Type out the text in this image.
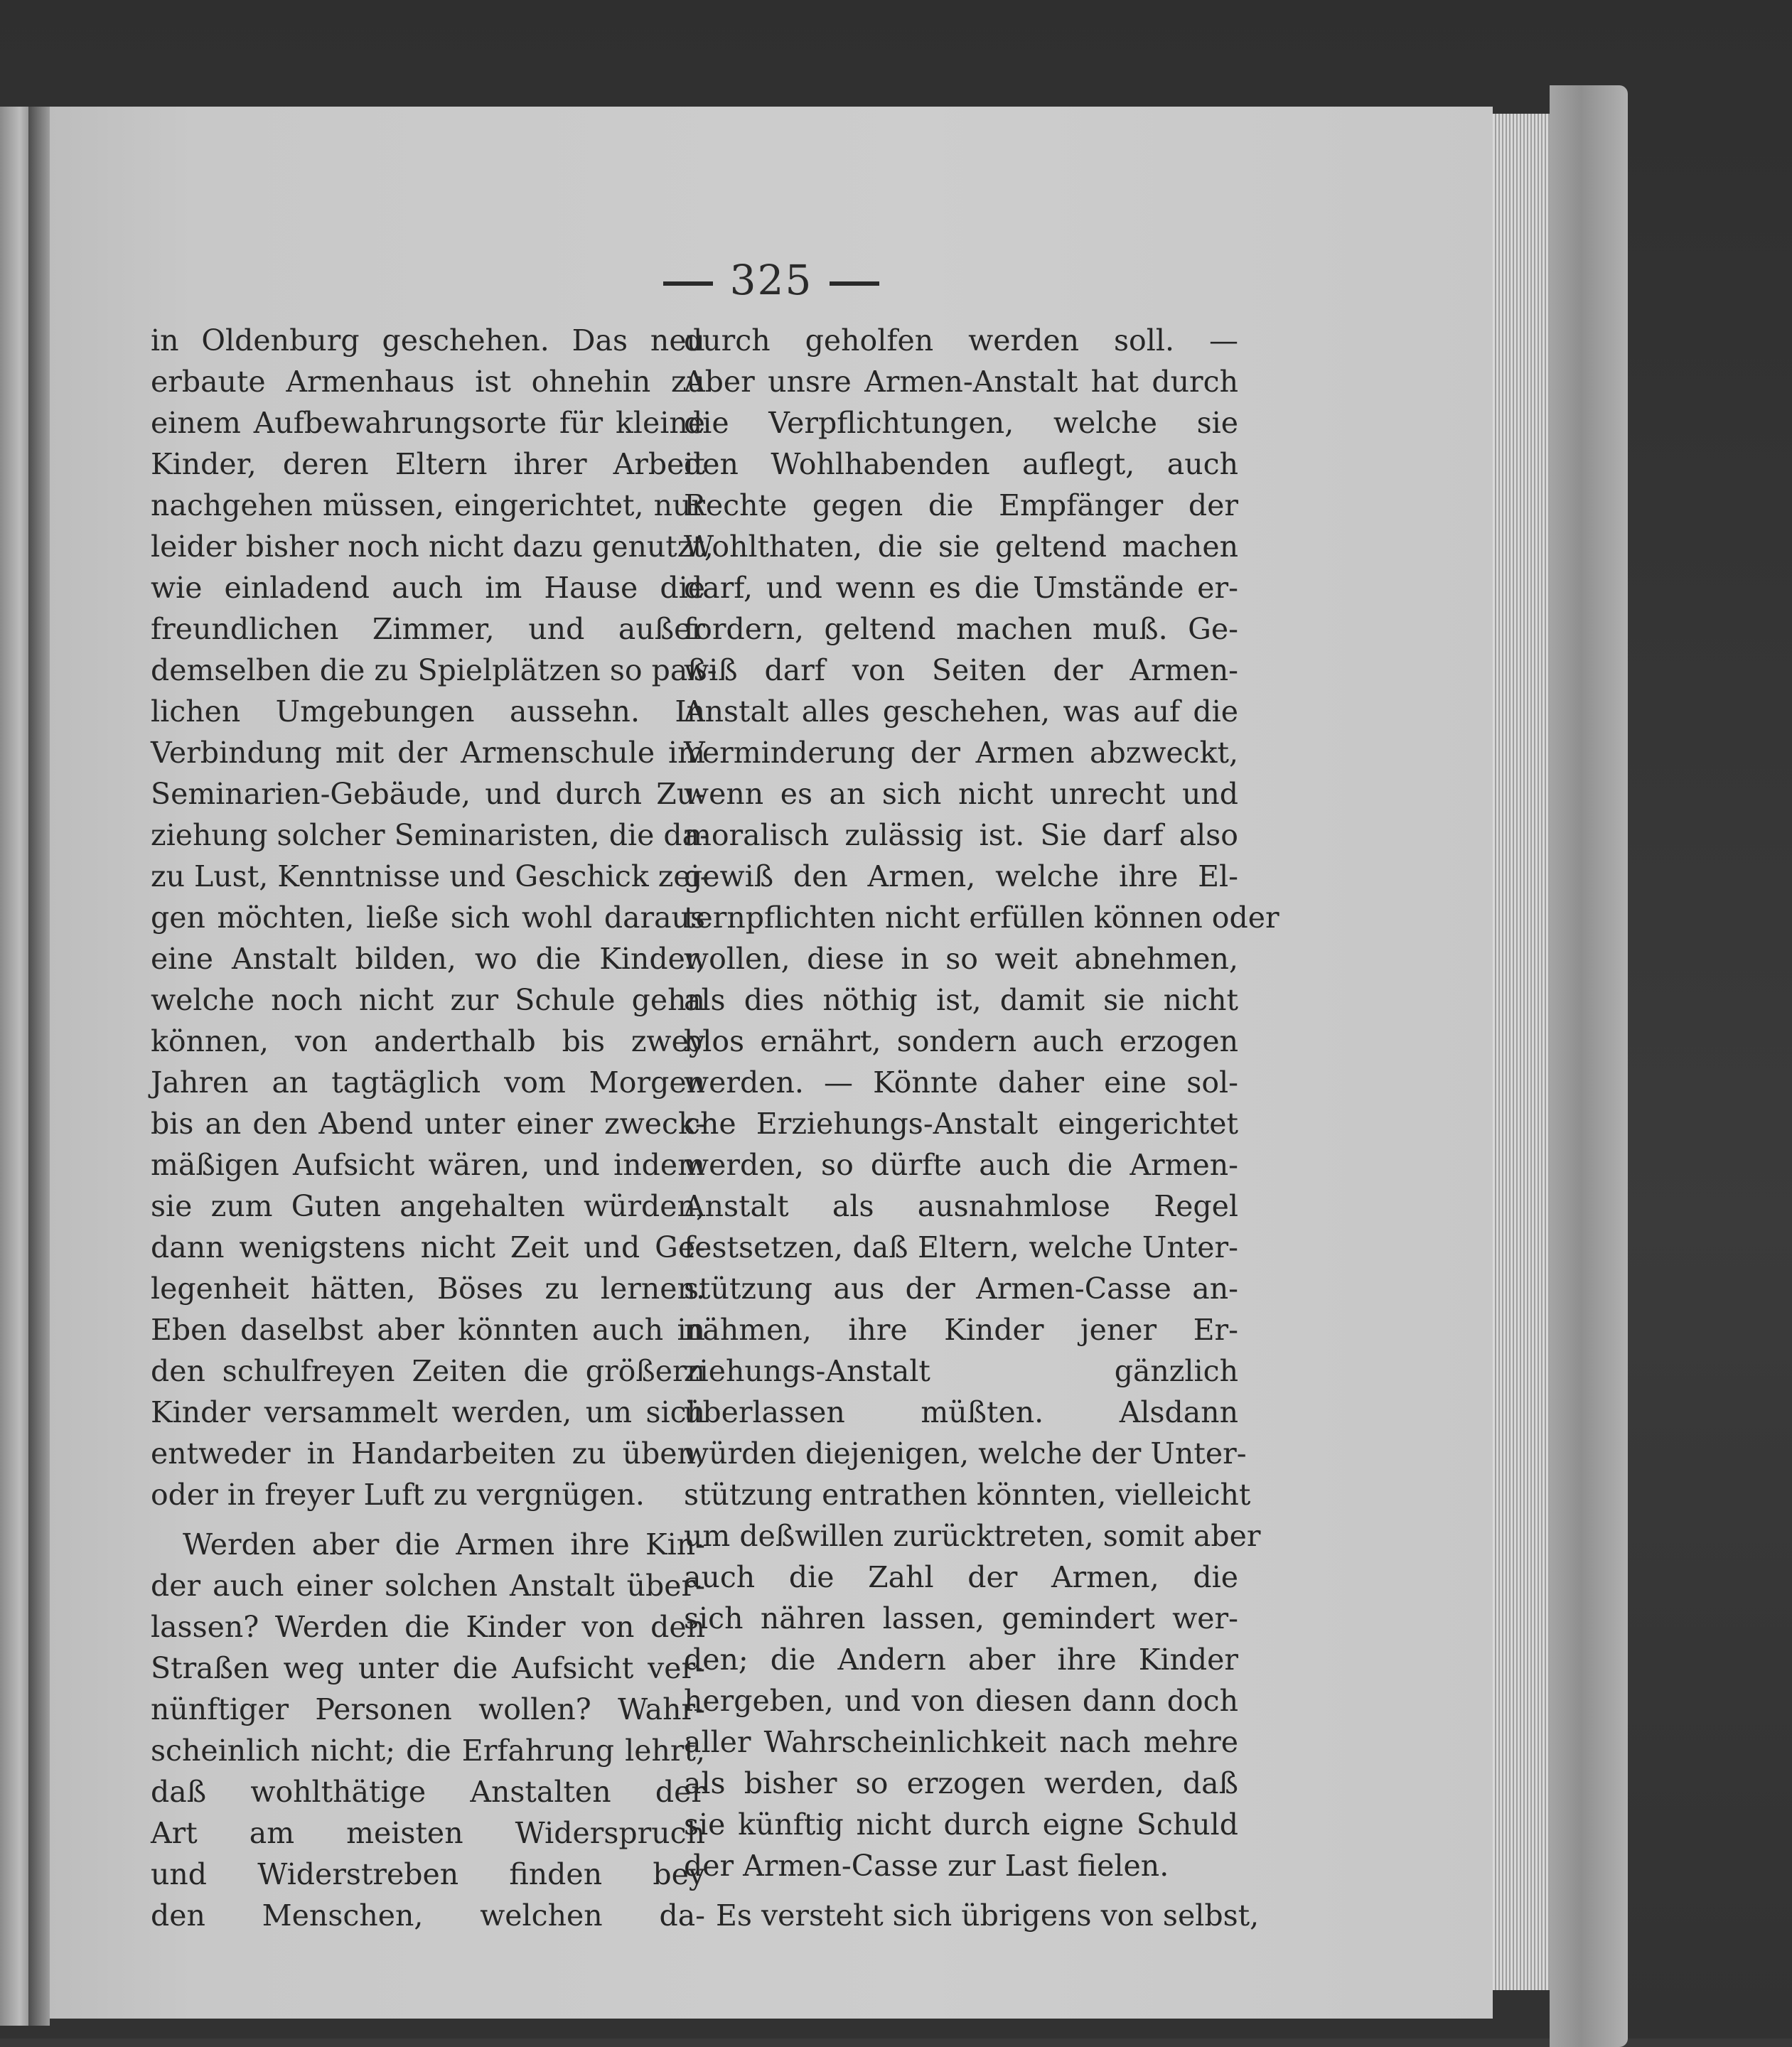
325
in Oldenburg geschehen. Das neu
erbaute Armenhaus ist ohnehin zu
einem Aufbewahrungsorte für kleine
Kinder, deren Eltern ihrer Arbeit
nachgehen müssen, eingerichtet, nur
leider bisher noch nicht dazu genutzt,
wie einladend auch im Hause die
freundlichen Zimmer, und außer
demselben die zu Spielplätzen so paß-
lichen Umgebungen aussehn. In
Verbindung mit der Armenschule im
Seminarien-Gebäude, und durch Zu-
ziehung solcher Seminaristen, die da-
zu Lust, Kenntnisse und Geschick zei-
gen möchten, ließe sich wohl daraus
eine Anstalt bilden, wo die Kinder,
welche noch nicht zur Schule gehn
können, von anderthalb bis zwey
Jahren an tagtäglich vom Morgen
bis an den Abend unter einer zweck-
mäßigen Aufsicht wären, und indem
sie zum Guten angehalten würden,
dann wenigstens nicht Zeit und Ge-
legenheit hätten, Böses zu lernen.
Eben daselbst aber könnten auch in
den schulfreyen Zeiten die größern
Kinder versammelt werden, um sich
entweder in Handarbeiten zu üben,
oder in freyer Luft zu vergnügen.
Werden aber die Armen ihre Kin-
der auch einer solchen Anstalt über-
lassen? Werden die Kinder von den
Straßen weg unter die Aufsicht ver-
nünftiger Personen wollen? Wahr-
scheinlich nicht; die Erfahrung lehrt,
daß wohlthätige Anstalten der
Art am meisten Widerspruch
und Widerstreben finden bey
den Menschen, welchen da-
durch geholfen werden soll. —
Aber unsre Armen-Anstalt hat durch
die Verpflichtungen, welche sie
den Wohlhabenden auflegt, auch
Rechte gegen die Empfänger der
Wohlthaten, die sie geltend machen
darf, und wenn es die Umstände er-
fordern, geltend machen muß. Ge-
wiß darf von Seiten der Armen-
Anstalt alles geschehen, was auf die
Verminderung der Armen abzweckt,
wenn es an sich nicht unrecht und
moralisch zulässig ist. Sie darf also
gewiß den Armen, welche ihre El-
ternpflichten nicht erfüllen können oder
wollen, diese in so weit abnehmen,
als dies nöthig ist, damit sie nicht
blos ernährt, sondern auch erzogen
werden. — Könnte daher eine sol-
che Erziehungs-Anstalt eingerichtet
werden, so dürfte auch die Armen-
Anstalt als ausnahmlose Regel
festsetzen, daß Eltern, welche Unter-
stützung aus der Armen-Casse an-
nähmen, ihre Kinder jener Er-
ziehungs-Anstalt gänzlich
überlassen müßten. Alsdann
würden diejenigen, welche der Unter-
stützung entrathen könnten, vielleicht
um deßwillen zurücktreten, somit aber
auch die Zahl der Armen, die
sich nähren lassen, gemindert wer-
den; die Andern aber ihre Kinder
hergeben, und von diesen dann doch
aller Wahrscheinlichkeit nach mehre
als bisher so erzogen werden, daß
sie künftig nicht durch eigne Schuld
der Armen-Casse zur Last fielen.
Es versteht sich übrigens von selbst,
